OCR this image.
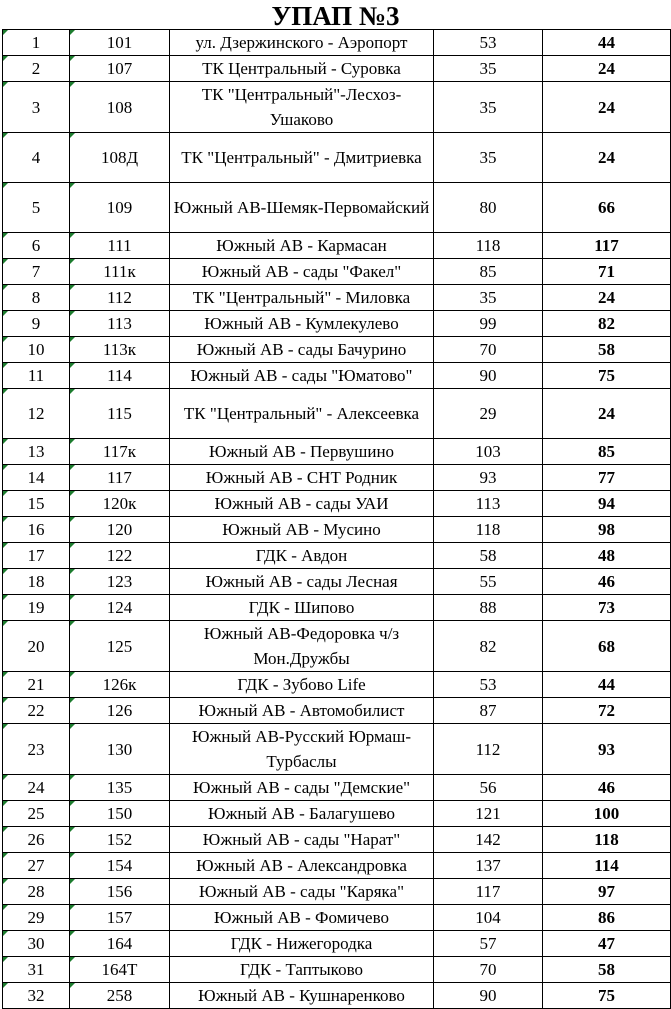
УПАП №3
1	101	ул. Дзержинского - Аэропорт	53	44
2	107	ТК Центральный - Суровка	35	24
3	108	ТК "Центральный"-Лесхоз-Ушаково	35	24
4	108Д	ТК "Центральный" - Дмитриевка	35	24
5	109	Южный АВ-Шемяк-Первомайский	80	66
6	111	Южный АВ - Кармасан	118	117
7	111к	Южный АВ - сады "Факел"	85	71
8	112	ТК "Центральный" - Миловка	35	24
9	113	Южный АВ - Кумлекулево	99	82
10	113к	Южный АВ - сады Бачурино	70	58
11	114	Южный АВ - сады "Юматово"	90	75
12	115	ТК "Центральный" - Алексеевка	29	24
13	117к	Южный АВ - Первушино	103	85
14	117	Южный АВ - СНТ Родник	93	77
15	120к	Южный АВ - сады УАИ	113	94
16	120	Южный АВ - Мусино	118	98
17	122	ГДК - Авдон	58	48
18	123	Южный АВ - сады Лесная	55	46
19	124	ГДК - Шипово	88	73
20	125	Южный АВ-Федоровка ч/з Мон.Дружбы	82	68
21	126к	ГДК - Зубово Life	53	44
22	126	Южный АВ - Автомобилист	87	72
23	130	Южный АВ-Русский Юрмаш-Турбаслы	112	93
24	135	Южный АВ - сады "Демские"	56	46
25	150	Южный АВ - Балагушево	121	100
26	152	Южный АВ - сады "Нарат"	142	118
27	154	Южный АВ - Александровка	137	114
28	156	Южный АВ - сады "Каряка"	117	97
29	157	Южный АВ - Фомичево	104	86
30	164	ГДК - Нижегородка	57	47
31	164Т	ГДК - Таптыково	70	58
32	258	Южный АВ - Кушнаренково	90	75
